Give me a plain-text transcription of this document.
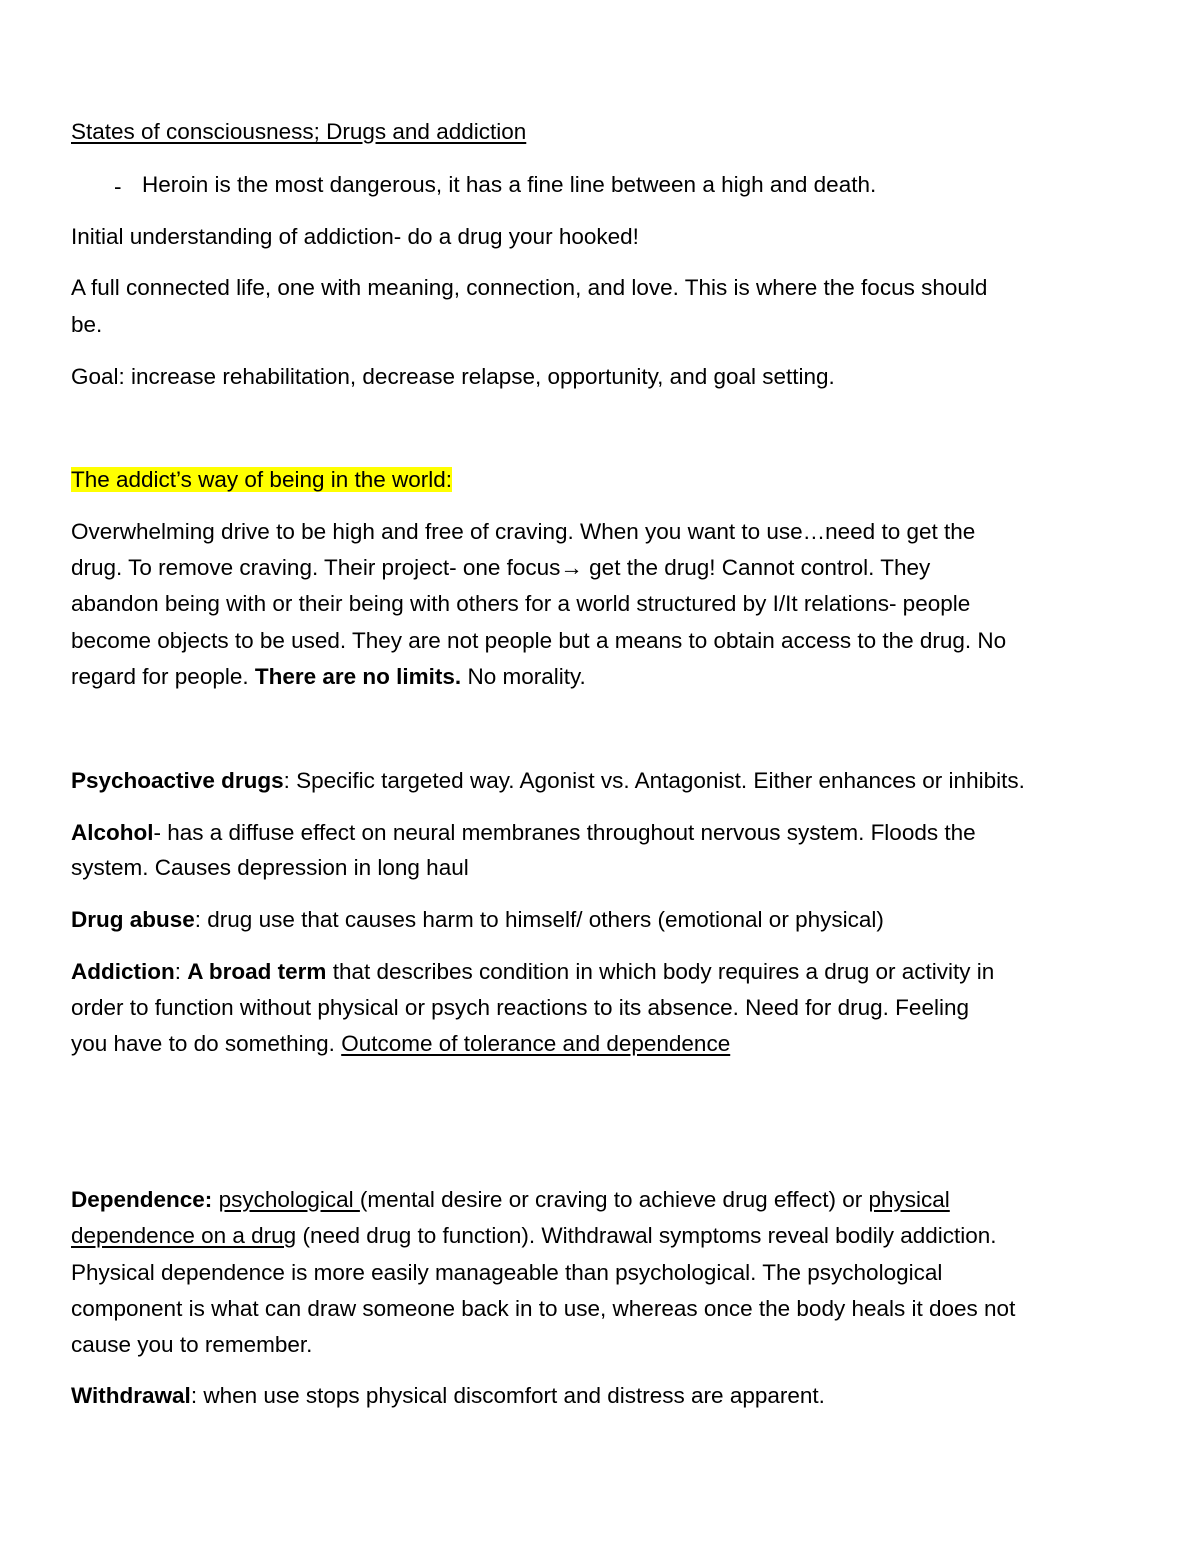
States of consciousness; Drugs and addiction
- Heroin is the most dangerous, it has a fine line between a high and death.
Initial understanding of addiction- do a drug your hooked!
A full connected life, one with meaning, connection, and love. This is where the focus should
be.
Goal: increase rehabilitation, decrease relapse, opportunity, and goal setting.
The addict’s way of being in the world:
Overwhelming drive to be high and free of craving. When you want to use…need to get the
drug. To remove craving. Their project- one focus→ get the drug! Cannot control. They
abandon being with or their being with others for a world structured by I/It relations- people
become objects to be used. They are not people but a means to obtain access to the drug. No
regard for people. There are no limits. No morality.
Psychoactive drugs: Specific targeted way. Agonist vs. Antagonist. Either enhances or inhibits.
Alcohol- has a diffuse effect on neural membranes throughout nervous system. Floods the
system. Causes depression in long haul
Drug abuse: drug use that causes harm to himself/ others (emotional or physical)
Addiction: A broad term that describes condition in which body requires a drug or activity in
order to function without physical or psych reactions to its absence. Need for drug. Feeling
you have to do something. Outcome of tolerance and dependence
Dependence: psychological (mental desire or craving to achieve drug effect) or physical
dependence on a drug (need drug to function). Withdrawal symptoms reveal bodily addiction.
Physical dependence is more easily manageable than psychological. The psychological
component is what can draw someone back in to use, whereas once the body heals it does not
cause you to remember.
Withdrawal: when use stops physical discomfort and distress are apparent.
